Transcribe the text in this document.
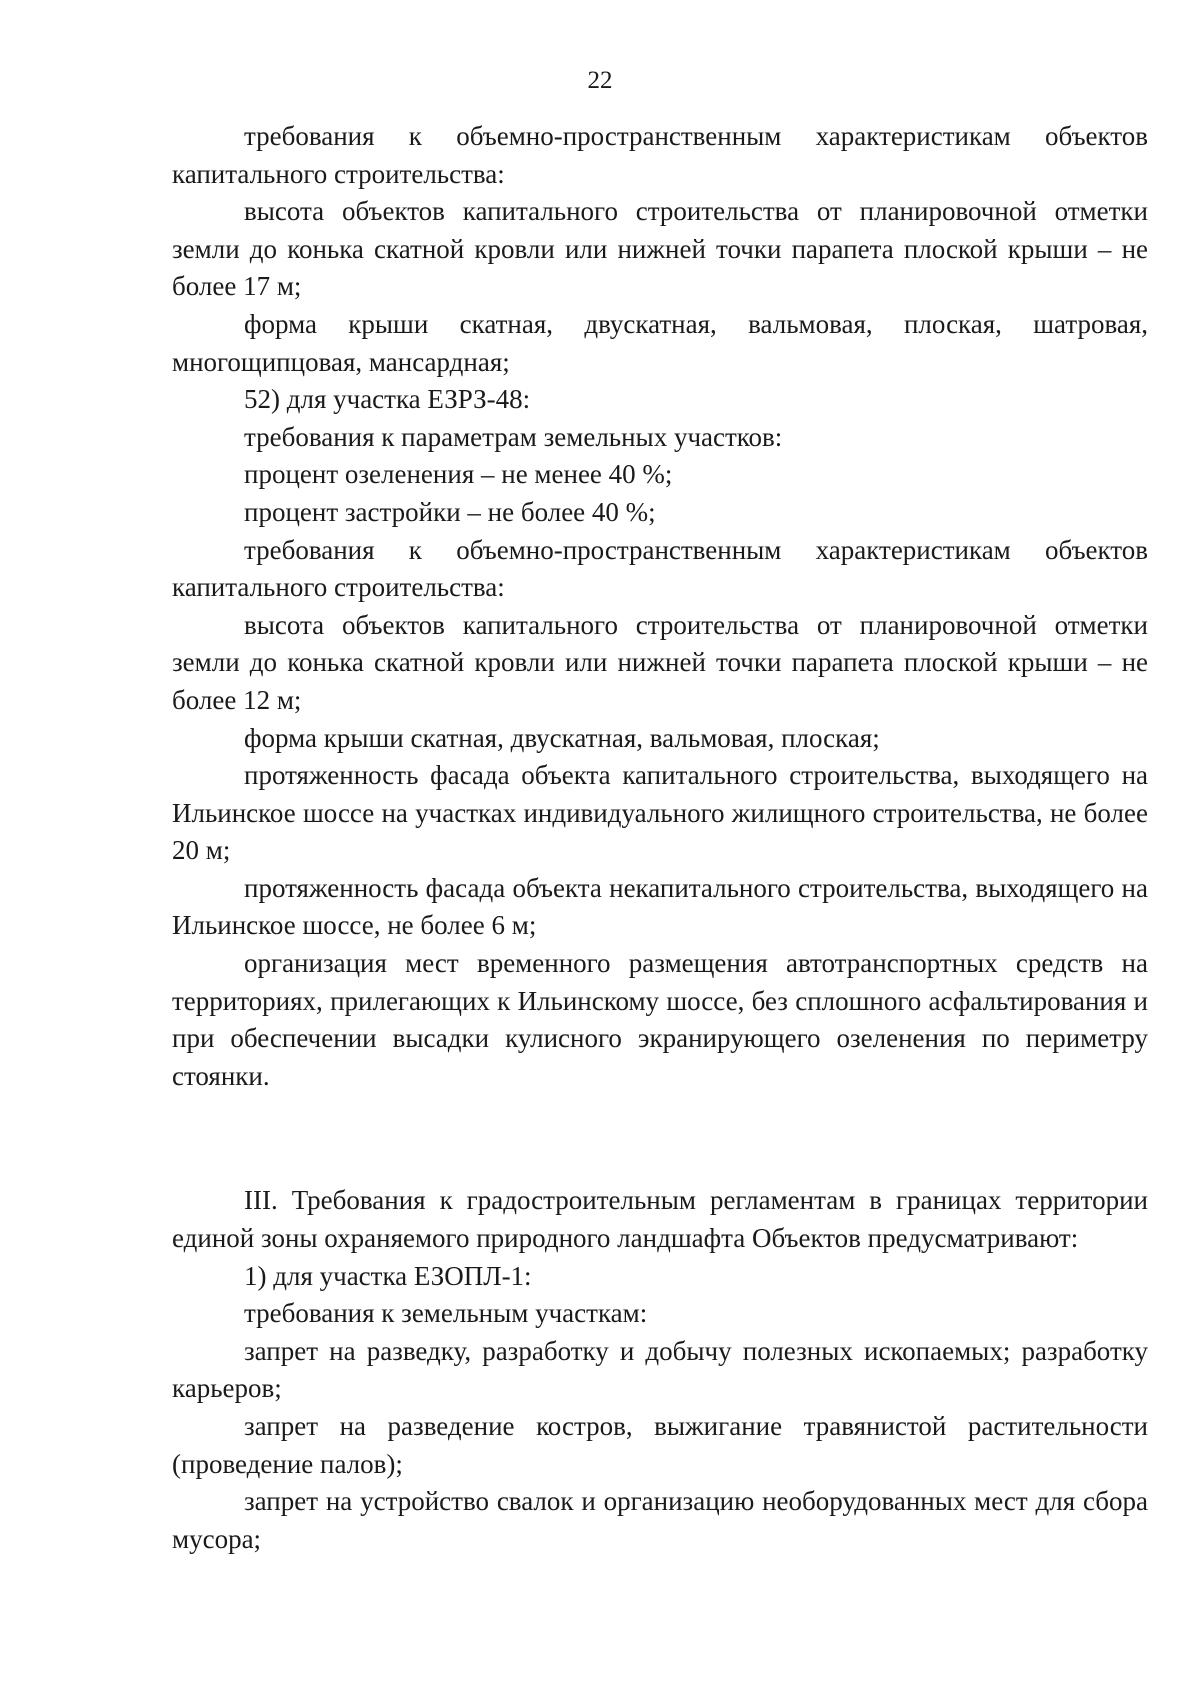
22

требования к объемно-пространственным характеристикам объектов капитального строительства:

высота объектов капитального строительства от планировочной отметки земли до конька скатной кровли или нижней точки парапета плоской крыши – не более 17 м;

форма крыши скатная, двускатная, вальмовая, плоская, шатровая, многощипцовая, мансардная;

52) для участка ЕЗРЗ-48:

требования к параметрам земельных участков:

процент озеленения – не менее 40 %;

процент застройки – не более 40 %;

требования к объемно-пространственным характеристикам объектов капитального строительства:

высота объектов капитального строительства от планировочной отметки земли до конька скатной кровли или нижней точки парапета плоской крыши – не более 12 м;

форма крыши скатная, двускатная, вальмовая, плоская;

протяженность фасада объекта капитального строительства, выходящего на Ильинское шоссе на участках индивидуального жилищного строительства, не более 20 м;

протяженность фасада объекта некапитального строительства, выходящего на Ильинское шоссе, не более 6 м;

организация мест временного размещения автотранспортных средств на территориях, прилегающих к Ильинскому шоссе, без сплошного асфальтирования и при обеспечении высадки кулисного экранирующего озеленения по периметру стоянки.

III. Требования к градостроительным регламентам в границах территории единой зоны охраняемого природного ландшафта Объектов предусматривают:

1) для участка ЕЗОПЛ-1:

требования к земельным участкам:

запрет на разведку, разработку и добычу полезных ископаемых; разработку карьеров;

запрет на разведение костров, выжигание травянистой растительности (проведение палов);

запрет на устройство свалок и организацию необорудованных мест для сбора мусора;
